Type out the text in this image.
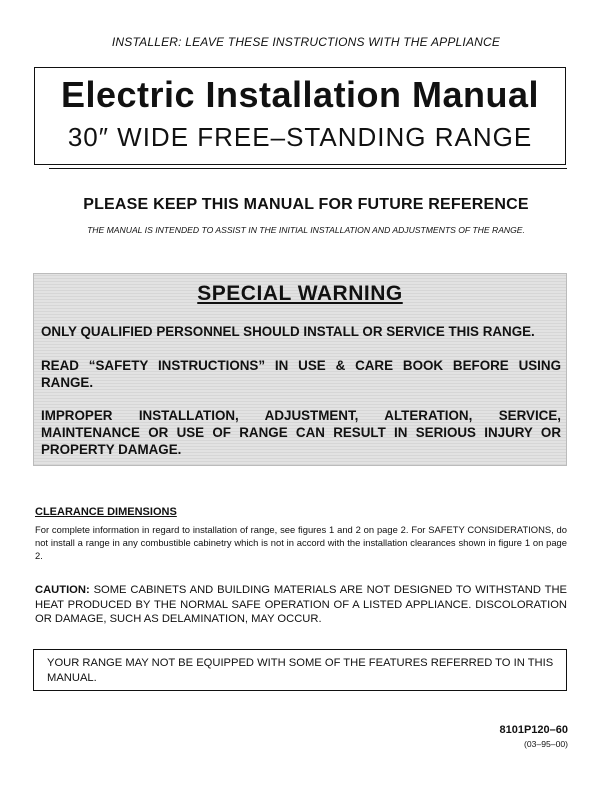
INSTALLER: LEAVE THESE INSTRUCTIONS WITH THE APPLIANCE
Electric Installation Manual
30″ WIDE FREE–STANDING RANGE
PLEASE KEEP THIS MANUAL FOR FUTURE REFERENCE
THE MANUAL IS INTENDED TO ASSIST IN THE INITIAL INSTALLATION AND ADJUSTMENTS OF THE RANGE.
SPECIAL WARNING
ONLY QUALIFIED PERSONNEL SHOULD INSTALL OR SERVICE THIS RANGE.
READ “SAFETY INSTRUCTIONS” IN USE & CARE BOOK BEFORE USING RANGE.
IMPROPER INSTALLATION, ADJUSTMENT, ALTERATION, SERVICE, MAINTENANCE OR USE OF RANGE CAN RESULT IN SERIOUS INJURY OR PROPERTY DAMAGE.
CLEARANCE DIMENSIONS
For complete information in regard to installation of range, see figures 1 and 2 on page 2. For SAFETY CONSIDERATIONS, do not install a range in any combustible cabinetry which is not in accord with the installation clearances shown in figure 1 on page 2.
CAUTION: SOME CABINETS AND BUILDING MATERIALS ARE NOT DESIGNED TO WITHSTAND THE HEAT PRODUCED BY THE NORMAL SAFE OPERATION OF A LISTED APPLIANCE. DISCOLORATION OR DAMAGE, SUCH AS DELAMINATION, MAY OCCUR.
YOUR RANGE MAY NOT BE EQUIPPED WITH SOME OF THE FEATURES REFERRED TO IN THIS MANUAL.
8101P120–60
(03–95–00)
